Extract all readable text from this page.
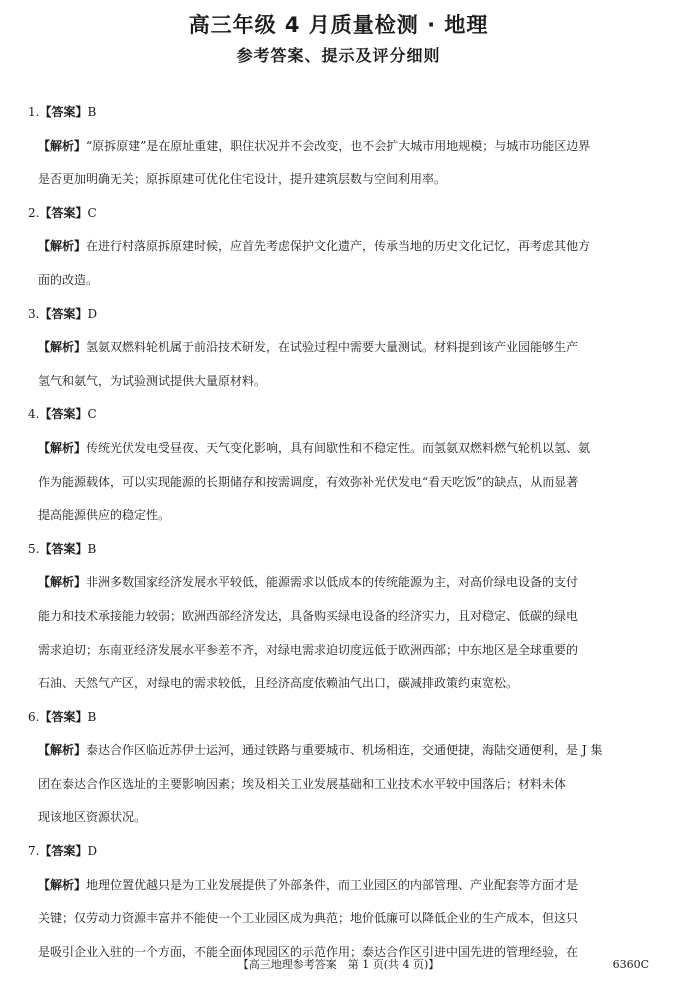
高三年级 4 月质量检测 · 地理
参考答案、提示及评分细则
1.【答案】B
【解析】“原拆原建”是在原址重建，职住状况并不会改变，也不会扩大城市用地规模；与城市功能区边界
是否更加明确无关；原拆原建可优化住宅设计，提升建筑层数与空间利用率。
2.【答案】C
【解析】在进行村落原拆原建时候，应首先考虑保护文化遗产，传承当地的历史文化记忆，再考虑其他方
面的改造。
3.【答案】D
【解析】氢氨双燃料轮机属于前沿技术研发，在试验过程中需要大量测试。材料提到该产业园能够生产
氢气和氨气，为试验测试提供大量原材料。
4.【答案】C
【解析】传统光伏发电受昼夜、天气变化影响，具有间歇性和不稳定性。而氢氨双燃料燃气轮机以氢、氨
作为能源载体，可以实现能源的长期储存和按需调度，有效弥补光伏发电“看天吃饭”的缺点，从而显著
提高能源供应的稳定性。
5.【答案】B
【解析】非洲多数国家经济发展水平较低，能源需求以低成本的传统能源为主，对高价绿电设备的支付
能力和技术承接能力较弱；欧洲西部经济发达，具备购买绿电设备的经济实力，且对稳定、低碳的绿电
需求迫切；东南亚经济发展水平参差不齐，对绿电需求迫切度远低于欧洲西部；中东地区是全球重要的
石油、天然气产区，对绿电的需求较低，且经济高度依赖油气出口，碳减排政策约束宽松。
6.【答案】B
【解析】泰达合作区临近苏伊士运河，通过铁路与重要城市、机场相连，交通便捷，海陆交通便利，是 J 集
团在泰达合作区选址的主要影响因素；埃及相关工业发展基础和工业技术水平较中国落后；材料未体
现该地区资源状况。
7.【答案】D
【解析】地理位置优越只是为工业发展提供了外部条件，而工业园区的内部管理、产业配套等方面才是
关键；仅劳动力资源丰富并不能使一个工业园区成为典范；地价低廉可以降低企业的生产成本，但这只
是吸引企业入驻的一个方面，不能全面体现园区的示范作用；泰达合作区引进中国先进的管理经验，在
【高三地理参考答案　第 1 页(共 4 页)】	6360C
